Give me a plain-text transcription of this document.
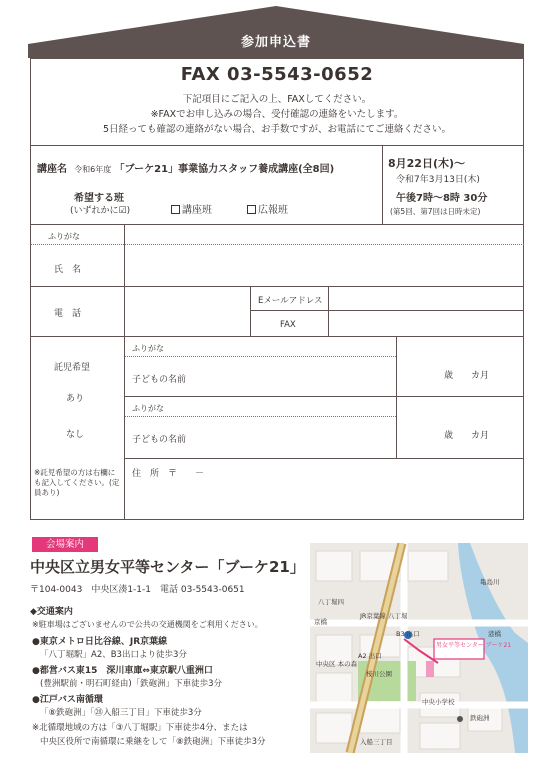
参加申込書
FAX 03-5543-0652
下記項目にご記入の上、FAXしてください。
※FAXでお申し込みの場合、受付確認の連絡をいたします。
5日経っても確認の連絡がない場合、お手数ですが、お電話にてご連絡ください。
講座名 令和6年度 「ブーケ21」事業協力スタッフ養成講座(全8回)
希望する班
(いずれかに☑)	講座班	広報班
8月22日(木)～
令和7年3月13日(木)
午後7時〜8時 30分
(第5回、第7回は日時未定)
ふりがな
氏　名
電　話
Eメールアドレス
FAX
託児希望
あり
なし
※託児希望の方は右欄にも記入してください。(定員あり)
ふりがな
子どもの名前	歳　　カ月
ふりがな
子どもの名前	歳　　カ月
住　所　〒　　－
会場案内
中央区立男女平等センター「ブーケ21」
〒104-0043　中央区湊1-1-1　電話 03-5543-0651
◆交通案内
※駐車場はございませんので公共の交通機関をご利用ください。
●東京メトロ日比谷線、JR京葉線
「八丁堀駅」A2、B3出口より徒歩3分
●都営バス東15　深川車庫⇔東京駅八重洲口
(豊洲駅前・明石町経由)「鉄砲洲」下車徒歩3分
●江戸バス南循環
「⑧鉄砲洲」「㉘入船三丁目」下車徒歩3分
※北循環地域の方は「③八丁堀駅」下車徒歩4分、または
中央区役所で南循環に乗継をして「⑧鉄砲洲」下車徒歩3分
男女平等センター ブーケ21
亀島川
JR京葉線 八丁堀
B3 出口
A2 出口
京橋
桜川公園
中央区 本の森
中央小学校
鉄砲洲
入船三丁目
港橋
八丁堀四
